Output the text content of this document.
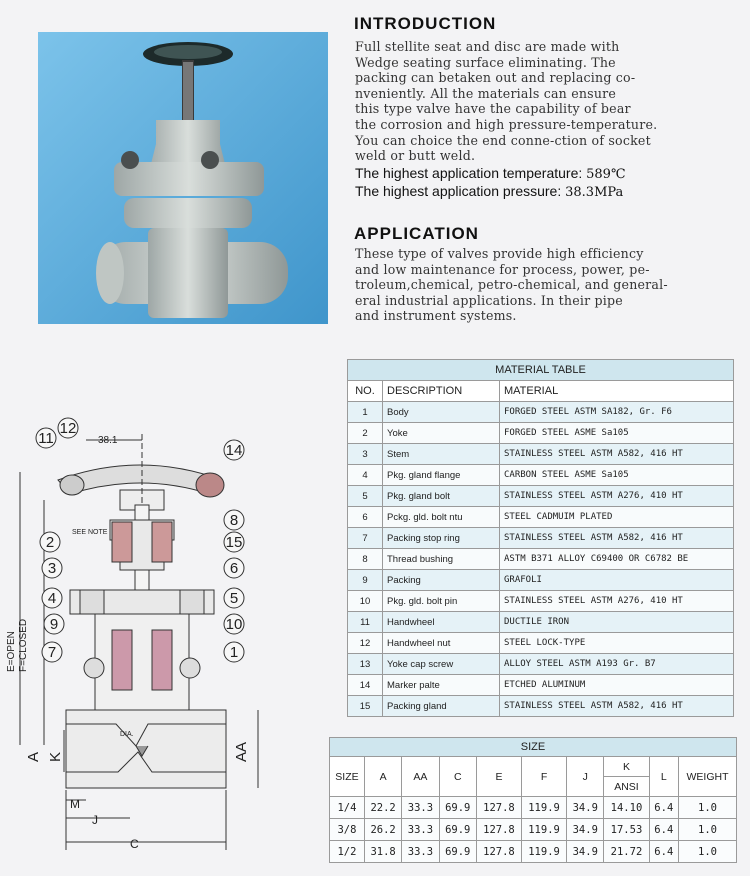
INTRODUCTION
Full stellite seat and disc are made with
Wedge seating surface eliminating. The
packing can betaken out and replacing co-
nveniently. All the materials can ensure
this type valve have the capability of bear
the corrosion and high pressure-temperature.
You can choice the end conne-ction of socket
weld or butt weld.
The highest application temperature: 589℃
The highest application pressure: 38.3MPa
APPLICATION
These type of valves provide high efficiency
and low maintenance for process, power, pe-
troleum,chemical, petro-chemical, and general-
eral industrial applications. In their pipe
and instrument systems.
MATERIAL TABLE		
NO.	DESCRIPTION	MATERIAL
1	Body	FORGED STEEL ASTM SA182, Gr. F6
2	Yoke	FORGED STEEL ASME Sa105
3	Stem	STAINLESS STEEL ASTM A582, 416 HT
4	Pkg. gland flange	CARBON STEEL ASME Sa105
5	Pkg. gland bolt	STAINLESS STEEL ASTM A276, 410 HT
6	Pckg. gld. bolt ntu	STEEL CADMUIM PLATED
7	Packing stop ring	STAINLESS STEEL ASTM A582, 416 HT
8	Thread bushing	ASTM B371 ALLOY C69400 OR C6782 BE
9	Packing	GRAFOLI
10	Pkg. gld. bolt pin	STAINLESS STEEL ASTM A276, 410 HT
11	Handwheel	DUCTILE IRON
12	Handwheel nut	STEEL LOCK-TYPE
13	Yoke cap screw	ALLOY STEEL ASTM A193 Gr. B7
14	Marker palte	ETCHED ALUMINUM
15	Packing gland	STAINLESS STEEL ASTM A582, 416 HT
SIZE									
SIZE	A	AA	C	E	F	J	K	L	WEIGHT
							ANSI		
1/4	22.2	33.3	69.9	127.8	119.9	34.9	14.10	6.4	1.0
3/8	26.2	33.3	69.9	127.8	119.9	34.9	17.53	6.4	1.0
1/2	31.8	33.3	69.9	127.8	119.9	34.9	21.72	6.4	1.0
11
12
14
8
2	15
3	6
4	5
9	10
7	1
38.1
SEE NOTE
E=OPEN F=CLOSED
A K	AA
DIA.
M
J
C
